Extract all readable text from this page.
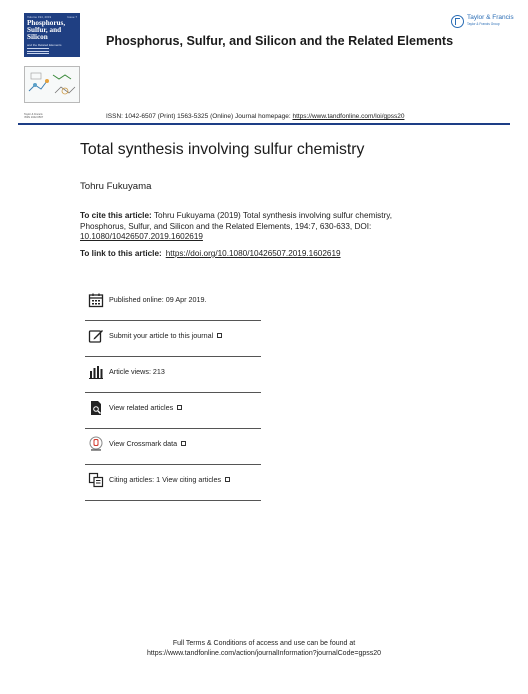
Volume 194, 2019	Issue 7
Phosphorus,
Sulfur, and
Silicon
and the Related Elements
Taylor & Francis
ISSN 1042-6507
Phosphorus, Sulfur, and Silicon and the Related Elements
Taylor & Francis
Taylor & Francis Group
ISSN: 1042-6507 (Print) 1563-5325 (Online) Journal homepage: https://www.tandfonline.com/loi/gpss20
Total synthesis involving sulfur chemistry
Tohru Fukuyama
To cite this article: Tohru Fukuyama (2019) Total synthesis involving sulfur chemistry, Phosphorus, Sulfur, and Silicon and the Related Elements, 194:7, 630-633, DOI: 10.1080/10426507.2019.1602619
To link to this article: https://doi.org/10.1080/10426507.2019.1602619
Published online: 09 Apr 2019.
Submit your article to this journal
Article views: 213
View related articles
View Crossmark data
Citing articles: 1 View citing articles
Full Terms & Conditions of access and use can be found at
https://www.tandfonline.com/action/journalInformation?journalCode=gpss20
